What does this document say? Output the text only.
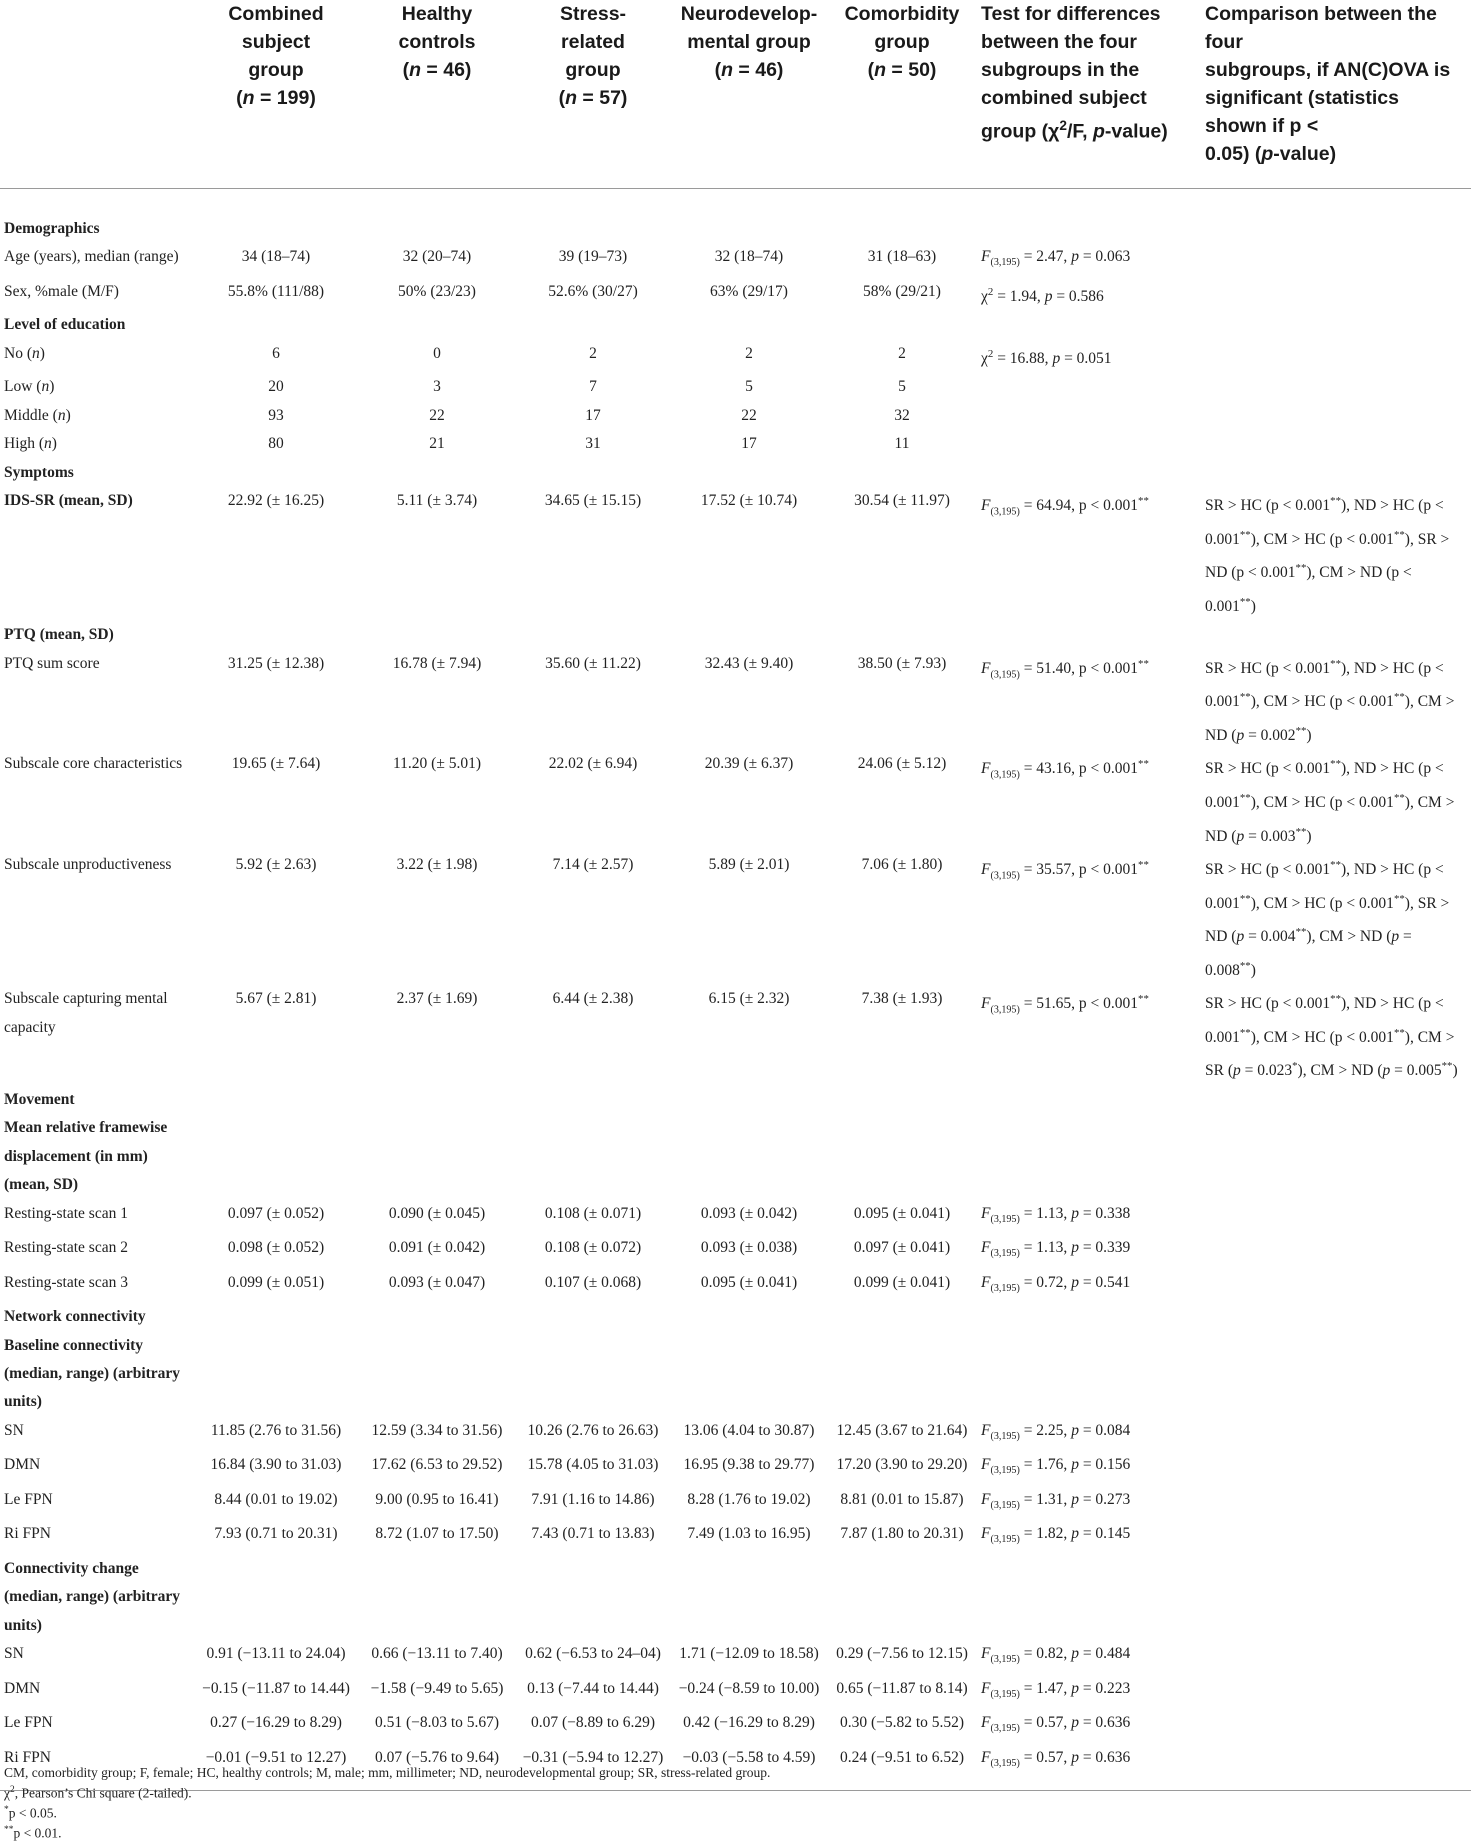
	Combined
subject
group
(n = 199)	Healthy
controls
(n = 46)	Stress-
related
group
(n = 57)	Neurodevelop-
mental group
(n = 46)	Comorbidity
group
(n = 50)	Test for differences
between the four
subgroups in the
combined subject
group ($\chi^2/F$, p-value)	Comparison between the four
subgroups, if AN(C)OVA is
significant (statistics shown if p <
0.05) (p-value)

Demographics							
Age (years), median (range)	34 (18–74)	32 (20–74)	39 (19–73)	32 (18–74)	31 (18–63)	$F_{(3,195)} = 2.47$, p = 0.063	
Sex, %male (M/F)	55.8% (111/88)	50% (23/23)	52.6% (30/27)	63% (29/17)	58% (29/21)	$\chi^2 = 1.94$, p = 0.586	
Level of education							
No (n)	6	0	2	2	2	$\chi^2 = 16.88$, p = 0.051	
Low (n)	20	3	7	5	5		
Middle (n)	93	22	17	22	32		
High (n)	80	21	31	17	11		
Symptoms							
IDS-SR (mean, SD)	22.92 (± 16.25)	5.11 (± 3.74)	34.65 (± 15.15)	17.52 (± 10.74)	30.54 (± 11.97)	$F_{(3,195)} = 64.94$, p < 0.001**	SR > HC (p < 0.001**), ND > HC (p < 0.001**), CM > HC (p < 0.001**), SR > ND (p < 0.001**), CM > ND (p < 0.001**)
PTQ (mean, SD)							
PTQ sum score	31.25 (± 12.38)	16.78 (± 7.94)	35.60 (± 11.22)	32.43 (± 9.40)	38.50 (± 7.93)	$F_{(3,195)} = 51.40$, p < 0.001**	SR > HC (p < 0.001**), ND > HC (p < 0.001**), CM > HC (p < 0.001**), CM > ND (p = 0.002**)
Subscale core characteristics	19.65 (± 7.64)	11.20 (± 5.01)	22.02 (± 6.94)	20.39 (± 6.37)	24.06 (± 5.12)	$F_{(3,195)} = 43.16$, p < 0.001**	SR > HC (p < 0.001**), ND > HC (p < 0.001**), CM > HC (p < 0.001**), CM > ND (p = 0.003**)
Subscale unproductiveness	5.92 (± 2.63)	3.22 (± 1.98)	7.14 (± 2.57)	5.89 (± 2.01)	7.06 (± 1.80)	$F_{(3,195)} = 35.57$, p < 0.001**	SR > HC (p < 0.001**), ND > HC (p < 0.001**), CM > HC (p < 0.001**), SR > ND (p = 0.004**), CM > ND (p = 0.008**)
Subscale capturing mental capacity	5.67 (± 2.81)	2.37 (± 1.69)	6.44 (± 2.38)	6.15 (± 2.32)	7.38 (± 1.93)	$F_{(3,195)} = 51.65$, p < 0.001**	SR > HC (p < 0.001**), ND > HC (p < 0.001**), CM > HC (p < 0.001**), CM > SR (p = 0.023*), CM > ND (p = 0.005**)
Movement							
Mean relative framewise displacement (in mm) (mean, SD)							
Resting-state scan 1	0.097 (± 0.052)	0.090 (± 0.045)	0.108 (± 0.071)	0.093 (± 0.042)	0.095 (± 0.041)	$F_{(3,195)} = 1.13$, p = 0.338	
Resting-state scan 2	0.098 (± 0.052)	0.091 (± 0.042)	0.108 (± 0.072)	0.093 (± 0.038)	0.097 (± 0.041)	$F_{(3,195)} = 1.13$, p = 0.339	
Resting-state scan 3	0.099 (± 0.051)	0.093 (± 0.047)	0.107 (± 0.068)	0.095 (± 0.041)	0.099 (± 0.041)	$F_{(3,195)} = 0.72$, p = 0.541	
Network connectivity							
Baseline connectivity (median, range) (arbitrary units)							
SN	11.85 (2.76 to 31.56)	12.59 (3.34 to 31.56)	10.26 (2.76 to 26.63)	13.06 (4.04 to 30.87)	12.45 (3.67 to 21.64)	$F_{(3,195)} = 2.25$, p = 0.084	
DMN	16.84 (3.90 to 31.03)	17.62 (6.53 to 29.52)	15.78 (4.05 to 31.03)	16.95 (9.38 to 29.77)	17.20 (3.90 to 29.20)	$F_{(3,195)} = 1.76$, p = 0.156	
Le FPN	8.44 (0.01 to 19.02)	9.00 (0.95 to 16.41)	7.91 (1.16 to 14.86)	8.28 (1.76 to 19.02)	8.81 (0.01 to 15.87)	$F_{(3,195)} = 1.31$, p = 0.273	
Ri FPN	7.93 (0.71 to 20.31)	8.72 (1.07 to 17.50)	7.43 (0.71 to 13.83)	7.49 (1.03 to 16.95)	7.87 (1.80 to 20.31)	$F_{(3,195)} = 1.82$, p = 0.145	
Connectivity change (median, range) (arbitrary units)							
SN	0.91 (−13.11 to 24.04)	0.66 (−13.11 to 7.40)	0.62 (−6.53 to 24–04)	1.71 (−12.09 to 18.58)	0.29 (−7.56 to 12.15)	$F_{(3,195)} = 0.82$, p = 0.484	
DMN	−0.15 (−11.87 to 14.44)	−1.58 (−9.49 to 5.65)	0.13 (−7.44 to 14.44)	−0.24 (−8.59 to 10.00)	0.65 (−11.87 to 8.14)	$F_{(3,195)} = 1.47$, p = 0.223	
Le FPN	0.27 (−16.29 to 8.29)	0.51 (−8.03 to 5.67)	0.07 (−8.89 to 6.29)	0.42 (−16.29 to 8.29)	0.30 (−5.82 to 5.52)	$F_{(3,195)} = 0.57$, p = 0.636	
Ri FPN	−0.01 (−9.51 to 12.27)	0.07 (−5.76 to 9.64)	−0.31 (−5.94 to 12.27)	−0.03 (−5.58 to 4.59)	0.24 (−9.51 to 6.52)	$F_{(3,195)} = 0.57$, p = 0.636	
CM, comorbidity group; F, female; HC, healthy controls; M, male; mm, millimeter; ND, neurodevelopmental group; SR, stress-related group.
$\chi^2$, Pearson’s Chi square (2-tailed).
*p < 0.05.
**p < 0.01.
